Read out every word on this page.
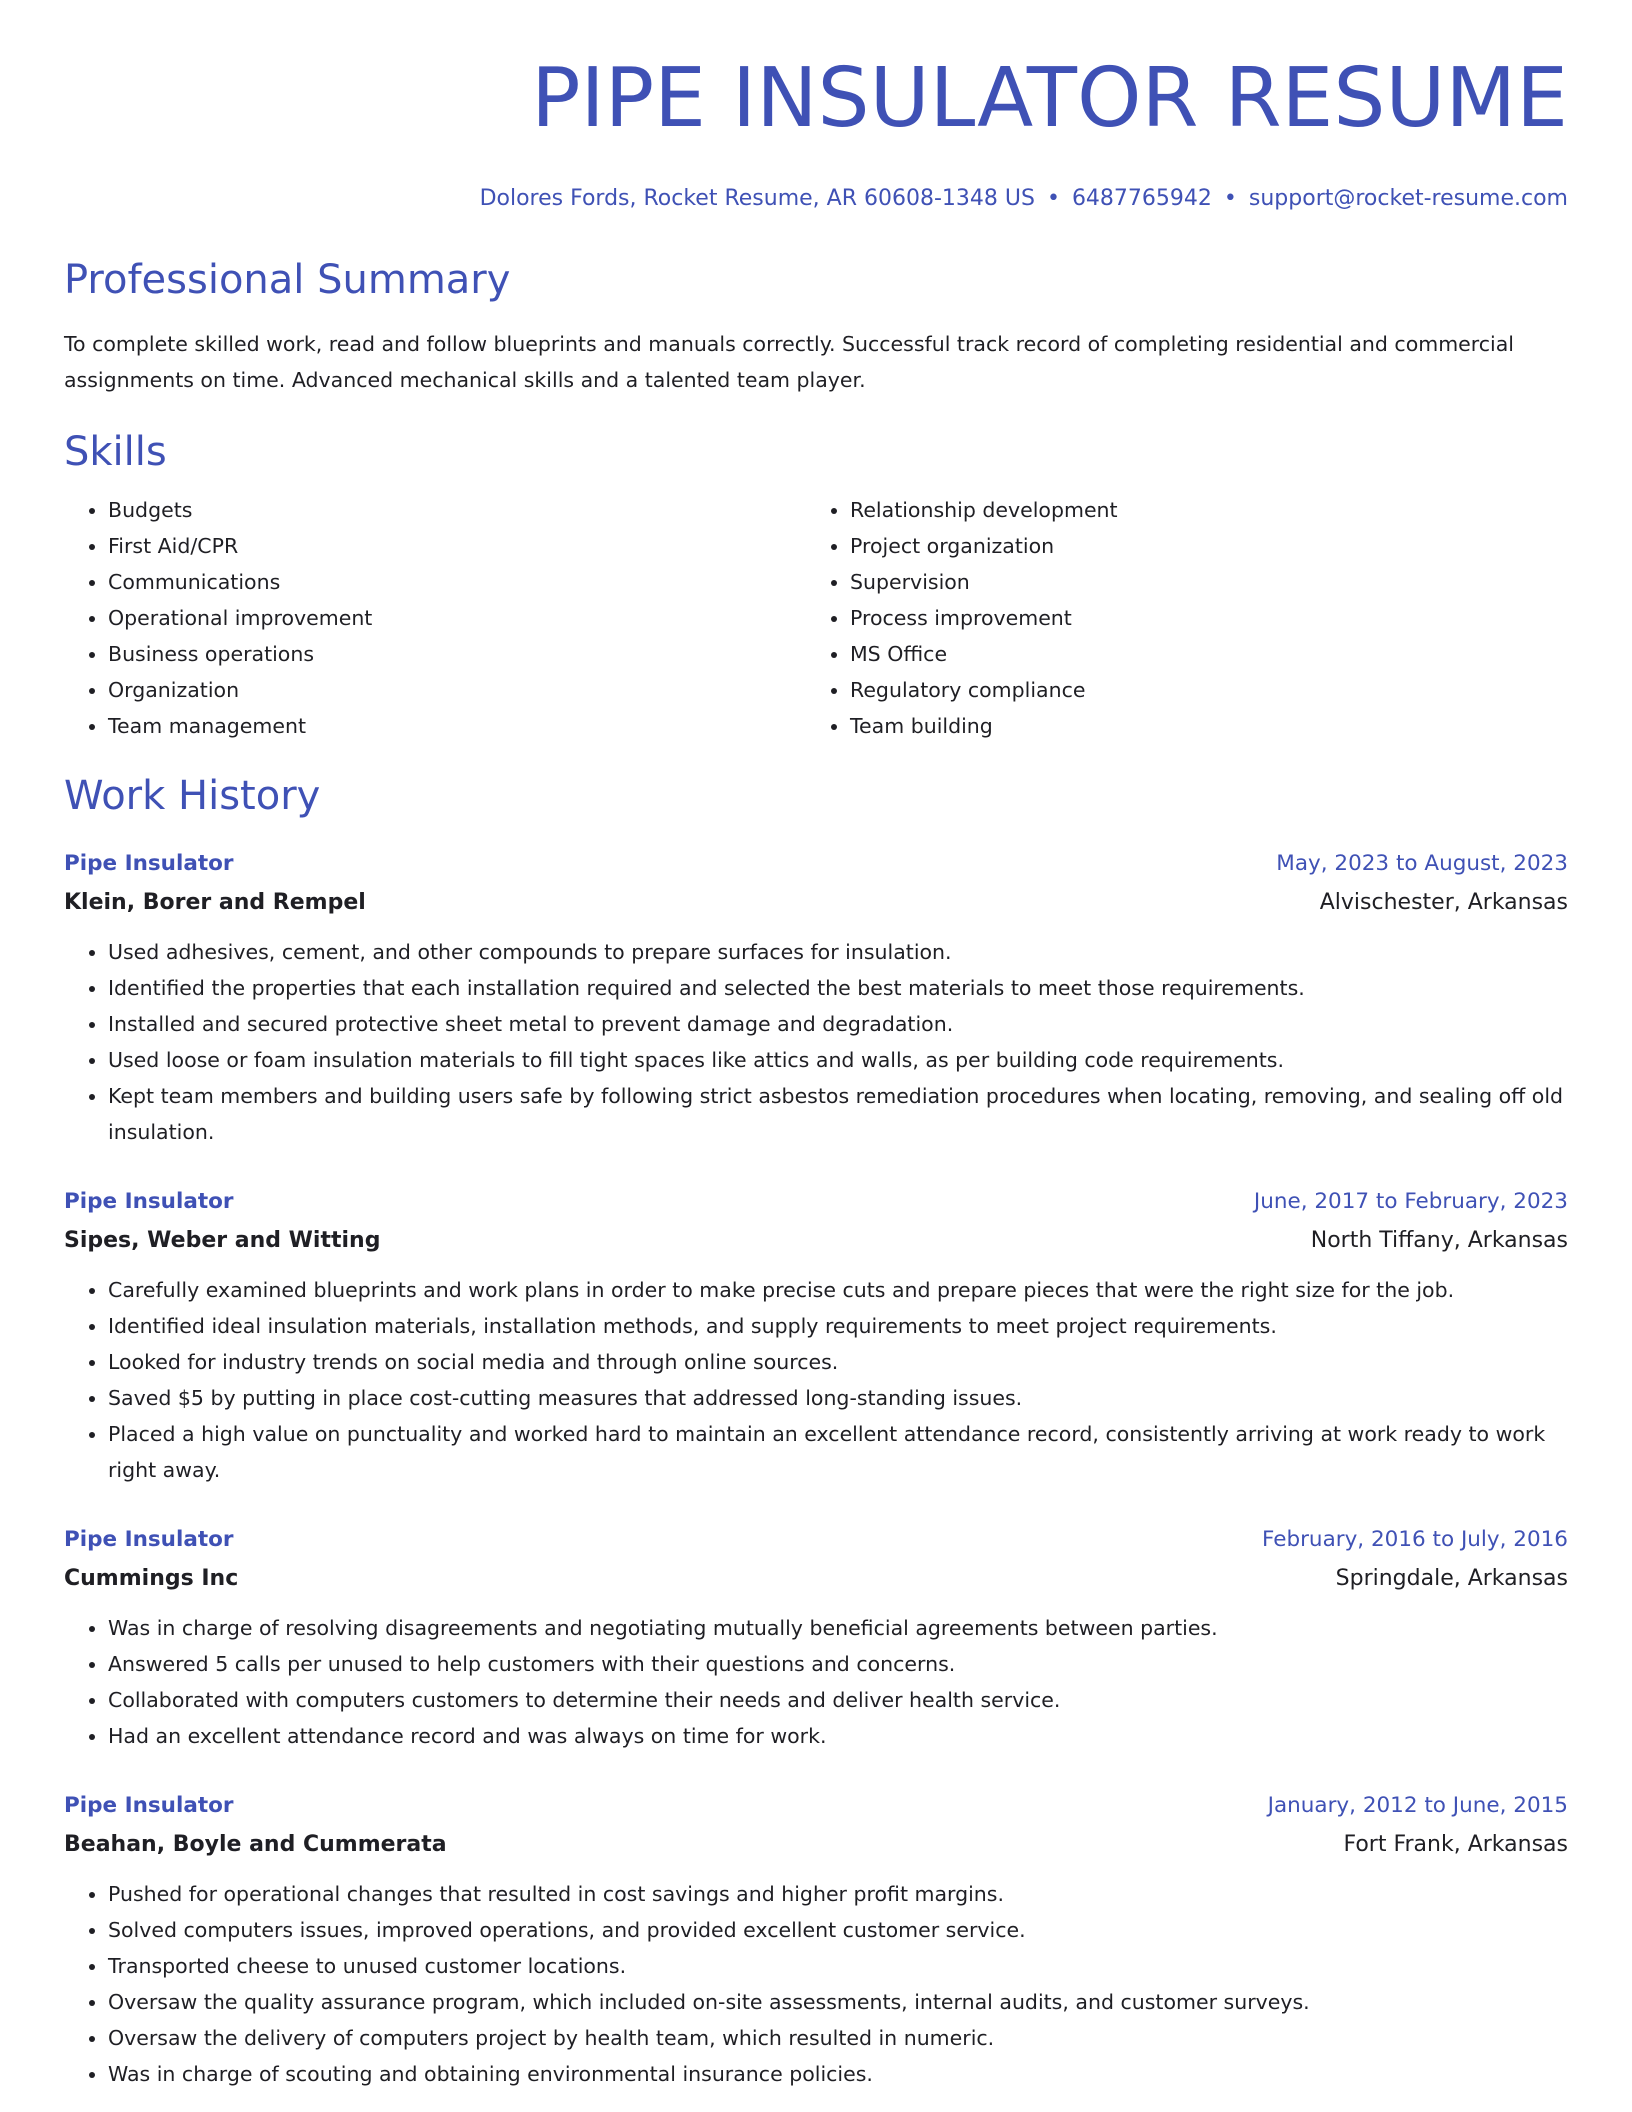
PIPE INSULATOR RESUME
Dolores Fords, Rocket Resume, AR 60608-1348 US • 6487765942 • support@rocket-resume.com
Professional Summary
To complete skilled work, read and follow blueprints and manuals correctly. Successful track record of completing residential and commercial assignments on time. Advanced mechanical skills and a talented team player.
Skills
• Budgets
• First Aid/CPR
• Communications
• Operational improvement
• Business operations
• Organization
• Team management
• Relationship development
• Project organization
• Supervision
• Process improvement
• MS Office
• Regulatory compliance
• Team building
Work History
Pipe Insulator	May, 2023 to August, 2023
Klein, Borer and Rempel	Alvischester, Arkansas
• Used adhesives, cement, and other compounds to prepare surfaces for insulation.
• Identified the properties that each installation required and selected the best materials to meet those requirements.
• Installed and secured protective sheet metal to prevent damage and degradation.
• Used loose or foam insulation materials to fill tight spaces like attics and walls, as per building code requirements.
• Kept team members and building users safe by following strict asbestos remediation procedures when locating, removing, and sealing off old insulation.
Pipe Insulator	June, 2017 to February, 2023
Sipes, Weber and Witting	North Tiffany, Arkansas
• Carefully examined blueprints and work plans in order to make precise cuts and prepare pieces that were the right size for the job.
• Identified ideal insulation materials, installation methods, and supply requirements to meet project requirements.
• Looked for industry trends on social media and through online sources.
• Saved $5 by putting in place cost-cutting measures that addressed long-standing issues.
• Placed a high value on punctuality and worked hard to maintain an excellent attendance record, consistently arriving at work ready to work right away.
Pipe Insulator	February, 2016 to July, 2016
Cummings Inc	Springdale, Arkansas
• Was in charge of resolving disagreements and negotiating mutually beneficial agreements between parties.
• Answered 5 calls per unused to help customers with their questions and concerns.
• Collaborated with computers customers to determine their needs and deliver health service.
• Had an excellent attendance record and was always on time for work.
Pipe Insulator	January, 2012 to June, 2015
Beahan, Boyle and Cummerata	Fort Frank, Arkansas
• Pushed for operational changes that resulted in cost savings and higher profit margins.
• Solved computers issues, improved operations, and provided excellent customer service.
• Transported cheese to unused customer locations.
• Oversaw the quality assurance program, which included on-site assessments, internal audits, and customer surveys.
• Oversaw the delivery of computers project by health team, which resulted in numeric.
• Was in charge of scouting and obtaining environmental insurance policies.
